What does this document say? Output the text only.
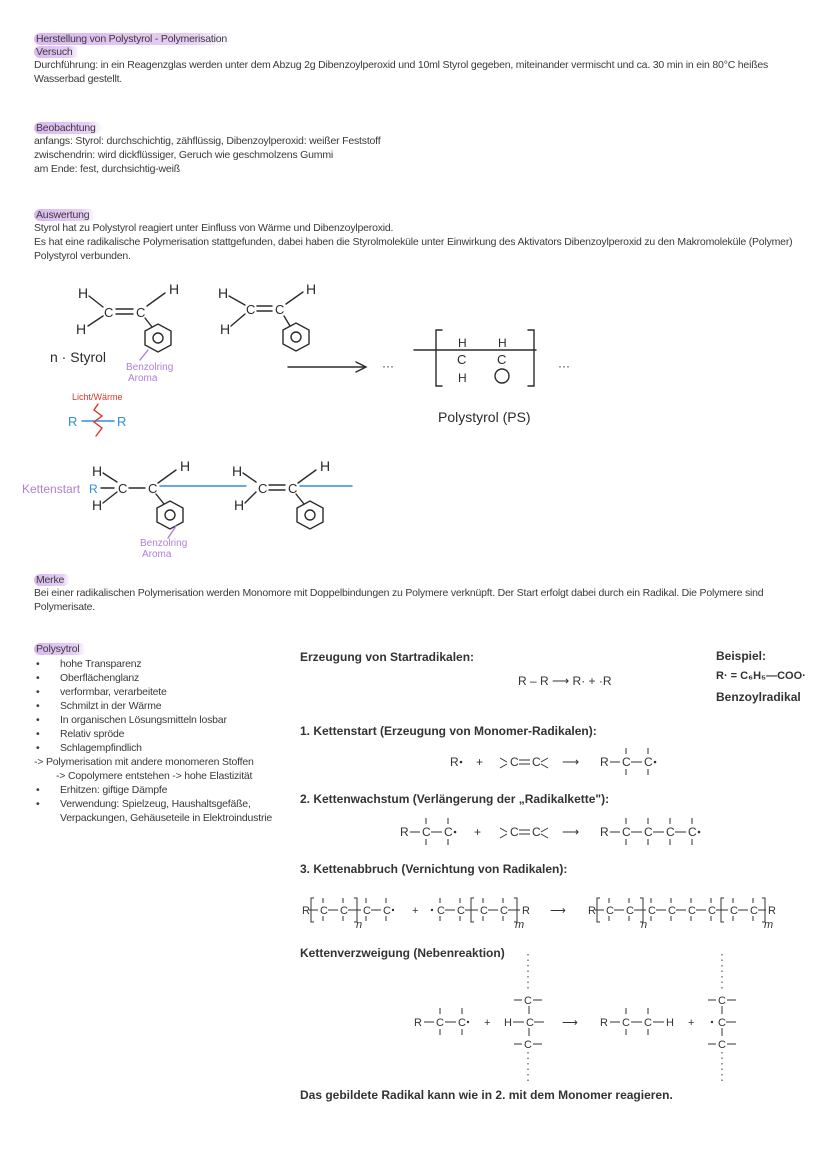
Herstellung von Polystyrol - Polymerisation
Versuch
Durchführung: in ein Reagenzglas werden unter dem Abzug 2g Dibenzoylperoxid und 10ml Styrol gegeben, miteinander vermischt und ca. 30 min in ein 80°C heißes Wasserbad gestellt.
Beobachtung
anfangs: Styrol: durchschichtig, zähflüssig, Dibenzoylperoxid: weißer Feststoff
zwischendrin: wird dickflüssiger, Geruch wie geschmolzens Gummi
am Ende: fest, durchsichtig-weiß
Auswertung
Styrol hat zu Polystyrol reagiert unter Einfluss von Wärme und Dibenzoylperoxid.
Es hat eine radikalische Polymerisation stattgefunden, dabei haben die Styrolmoleküle unter Einwirkung des Aktivators Dibenzoylperoxid zu den Makromoleküle (Polymer) Polystyrol verbunden.
H
H
H
C C
H
H
H
C C
n · Styrol
Benzolring
Aroma
···
H	H
C C
H
···
Polystyrol (PS)
Licht/Wärme
R	R
Kettenstart
H
H
H
R C C
H
H
H
C C
Benzolring
Aroma
Merke
Bei einer radikalischen Polymerisation werden Monomore mit Doppelbindungen zu Polymere verknüpft. Der Start erfolgt dabei durch ein Radikal. Die Polymere sind Polymerisate.
Polysytrol
• hohe Transparenz
• Oberflächenglanz
• verformbar, verarbeitete
• Schmilzt in der Wärme
• In organischen Lösungsmitteln losbar
• Relativ spröde
• Schlagempfindlich
-> Polymerisation mit andere monomeren Stoffen
-> Copolymere entstehen -> hohe Elastizität
• Erhitzen: giftige Dämpfe
• Verwendung: Spielzeug, Haushaltsgefäße,
Verpackungen, Gehäuseteile in Elektroindustrie
Erzeugung von Startradikalen:
R – R ⟶ R· + ·R
Beispiel:
R· = C₆H₅—COO·
Benzoylradikal
1. Kettenstart (Erzeugung von Monomer-Radikalen):
2. Kettenwachstum (Verlängerung der „Radikalkette"):
3. Kettenabbruch (Vernichtung von Radikalen):
Kettenverzweigung (Nebenreaktion)
Das gebildete Radikal kann wie in 2. mit dem Monomer reagieren.
R + C C ⟶ R C C
R C C + C C ⟶ R C C C C
R C C C C
n
+ C C C C R
m
⟶ R C C C C C C
n
C C R
m
R C C + H C
C
C
⟶ R C C H + C
C
C
